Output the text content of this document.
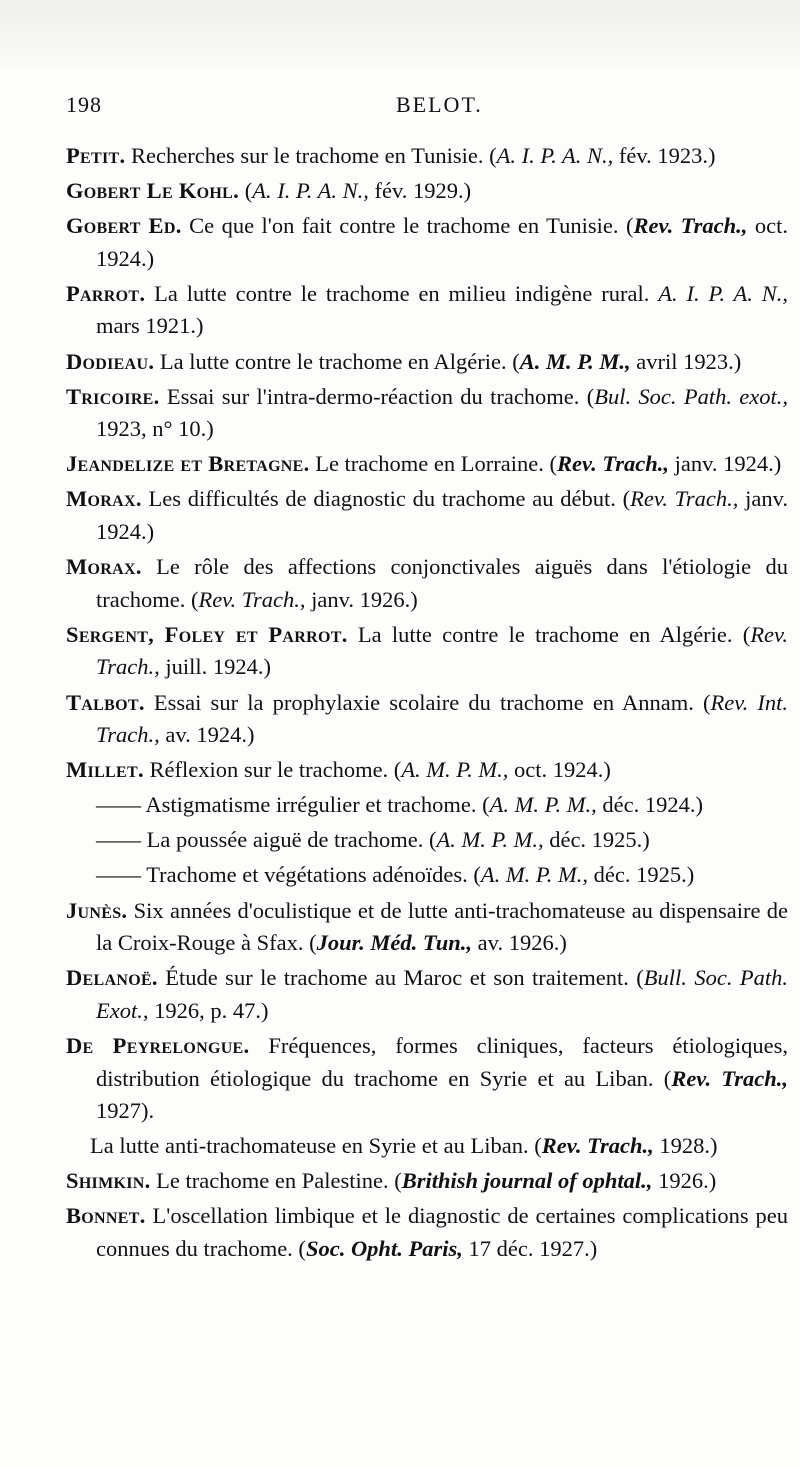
198	BELOT.

Petit. Recherches sur le trachome en Tunisie. (A. I. P. A. N., fév. 1923.)

Gobert Le Kohl. (A. I. P. A. N., fév. 1929.)

Gobert Ed. Ce que l'on fait contre le trachome en Tunisie. (Rev. Trach., oct. 1924.)

Parrot. La lutte contre le trachome en milieu indigène rural. A. I. P. A. N., mars 1921.)

Dodieau. La lutte contre le trachome en Algérie. (A. M. P. M., avril 1923.)

Tricoire. Essai sur l'intra-dermo-réaction du trachome. (Bul. Soc. Path. exot., 1923, n° 10.)

Jeandelize et Bretagne. Le trachome en Lorraine. (Rev. Trach., janv. 1924.)

Morax. Les difficultés de diagnostic du trachome au début. (Rev. Trach., janv. 1924.)

Morax. Le rôle des affections conjonctivales aiguës dans l'étiologie du trachome. (Rev. Trach., janv. 1926.)

Sergent, Foley et Parrot. La lutte contre le trachome en Algérie. (Rev. Trach., juill. 1924.)

Talbot. Essai sur la prophylaxie scolaire du trachome en Annam. (Rev. Int. Trach., av. 1924.)

Millet. Réflexion sur le trachome. (A. M. P. M., oct. 1924.)

—— Astigmatisme irrégulier et trachome. (A. M. P. M., déc. 1924.)

—— La poussée aiguë de trachome. (A. M. P. M., déc. 1925.)

—— Trachome et végétations adénoïdes. (A. M. P. M., déc. 1925.)

Junès. Six années d'oculistique et de lutte anti-trachomateuse au dispensaire de la Croix-Rouge à Sfax. (Jour. Méd. Tun., av. 1926.)

Delanoë. Étude sur le trachome au Maroc et son traitement. (Bull. Soc. Path. Exot., 1926, p. 47.)

De Peyrelongue. Fréquences, formes cliniques, facteurs étiologiques, distribution étiologique du trachome en Syrie et au Liban. (Rev. Trach., 1927).

La lutte anti-trachomateuse en Syrie et au Liban. (Rev. Trach., 1928.)

Shimkin. Le trachome en Palestine. (Brithish journal of ophtal., 1926.)

Bonnet. L'oscellation limbique et le diagnostic de certaines complications peu connues du trachome. (Soc. Opht. Paris, 17 déc. 1927.)
